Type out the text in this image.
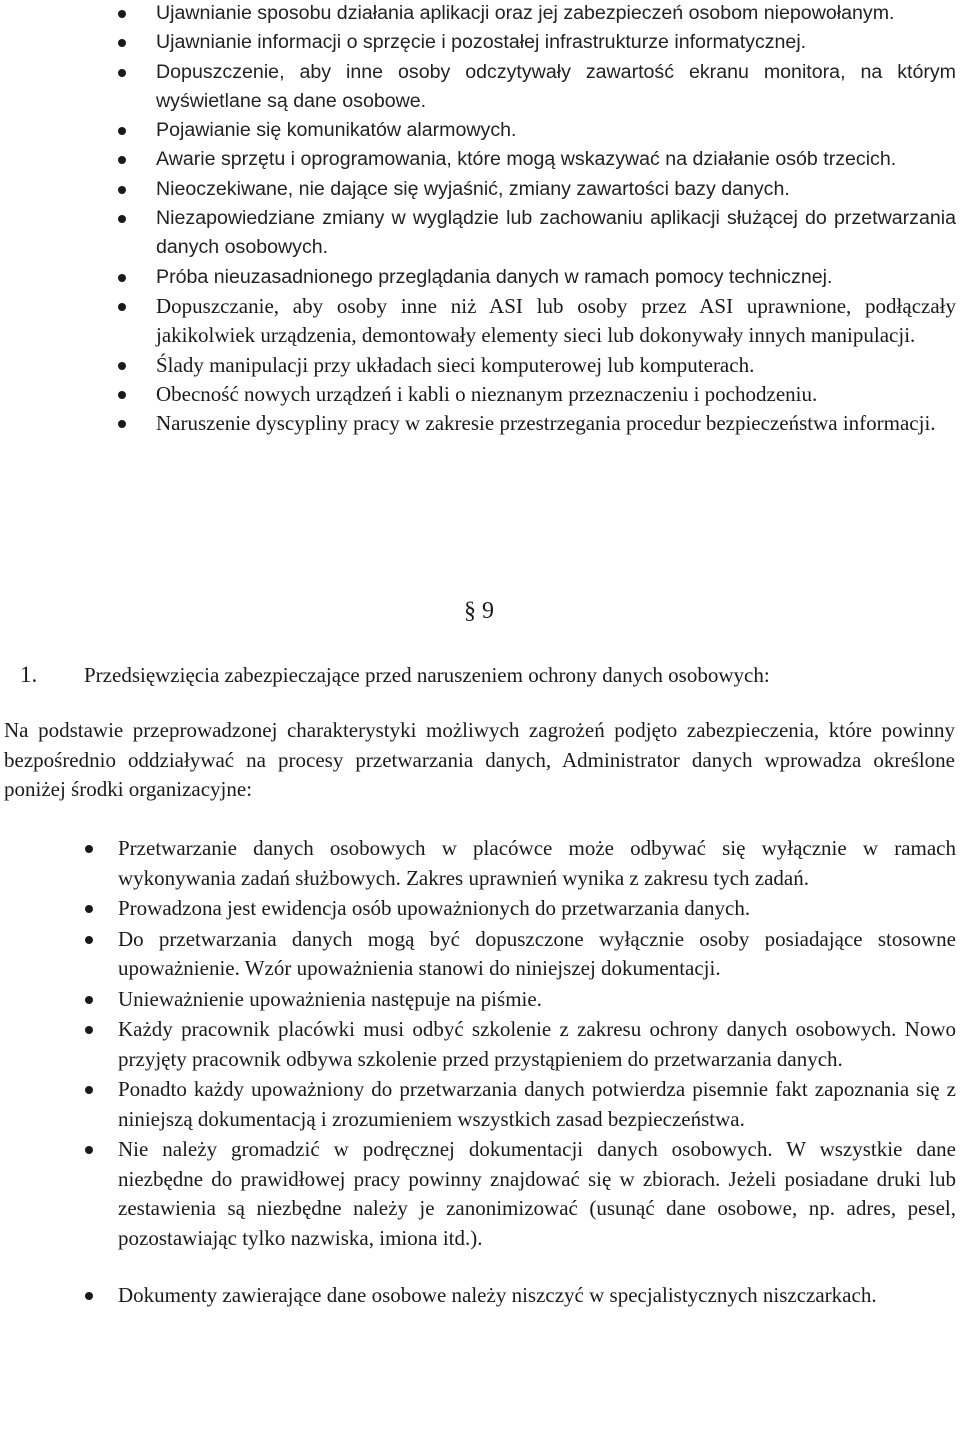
Ujawnianie sposobu działania aplikacji oraz jej zabezpieczeń osobom niepowołanym.
Ujawnianie informacji o sprzęcie i pozostałej infrastrukturze informatycznej.
Dopuszczenie, aby inne osoby odczytywały zawartość ekranu monitora, na którym wyświetlane są dane osobowe.
Pojawianie się komunikatów alarmowych.
Awarie sprzętu i oprogramowania, które mogą wskazywać na działanie osób trzecich.
Nieoczekiwane, nie dające się wyjaśnić, zmiany zawartości bazy danych.
Niezapowiedziane zmiany w wyglądzie lub zachowaniu aplikacji służącej do przetwarzania danych osobowych.
Próba nieuzasadnionego przeglądania danych w ramach pomocy technicznej.
Dopuszczanie, aby osoby inne niż ASI lub osoby przez ASI uprawnione, podłączały jakikolwiek urządzenia, demontowały elementy sieci lub dokonywały innych manipulacji.
Ślady manipulacji przy układach sieci komputerowej lub komputerach.
Obecność nowych urządzeń i kabli o nieznanym przeznaczeniu i pochodzeniu.
Naruszenie dyscypliny pracy w zakresie przestrzegania procedur bezpieczeństwa informacji.
§ 9
1. Przedsięwzięcia zabezpieczające przed naruszeniem ochrony danych osobowych:
Na podstawie przeprowadzonej charakterystyki możliwych zagrożeń podjęto zabezpieczenia, które powinny bezpośrednio oddziaływać na procesy przetwarzania danych, Administrator danych wprowadza określone poniżej środki organizacyjne:
Przetwarzanie danych osobowych w placówce może odbywać się wyłącznie w ramach wykonywania zadań służbowych. Zakres uprawnień wynika z zakresu tych zadań.
Prowadzona jest ewidencja osób upoważnionych do przetwarzania danych.
Do przetwarzania danych mogą być dopuszczone wyłącznie osoby posiadające stosowne upoważnienie. Wzór upoważnienia stanowi do niniejszej dokumentacji.
Unieważnienie upoważnienia następuje na piśmie.
Każdy pracownik placówki musi odbyć szkolenie z zakresu ochrony danych osobowych. Nowo przyjęty pracownik odbywa szkolenie przed przystąpieniem do przetwarzania danych.
Ponadto każdy upoważniony do przetwarzania danych potwierdza pisemnie fakt zapoznania się z niniejszą dokumentacją i zrozumieniem wszystkich zasad bezpieczeństwa.
Nie należy gromadzić w podręcznej dokumentacji danych osobowych. W wszystkie dane niezbędne do prawidłowej pracy powinny znajdować się w zbiorach. Jeżeli posiadane druki lub zestawienia są niezbędne należy je zanonimizować (usunąć dane osobowe, np. adres, pesel, pozostawiając tylko nazwiska, imiona itd.).
Dokumenty zawierające dane osobowe należy niszczyć w specjalistycznych niszczarkach.
